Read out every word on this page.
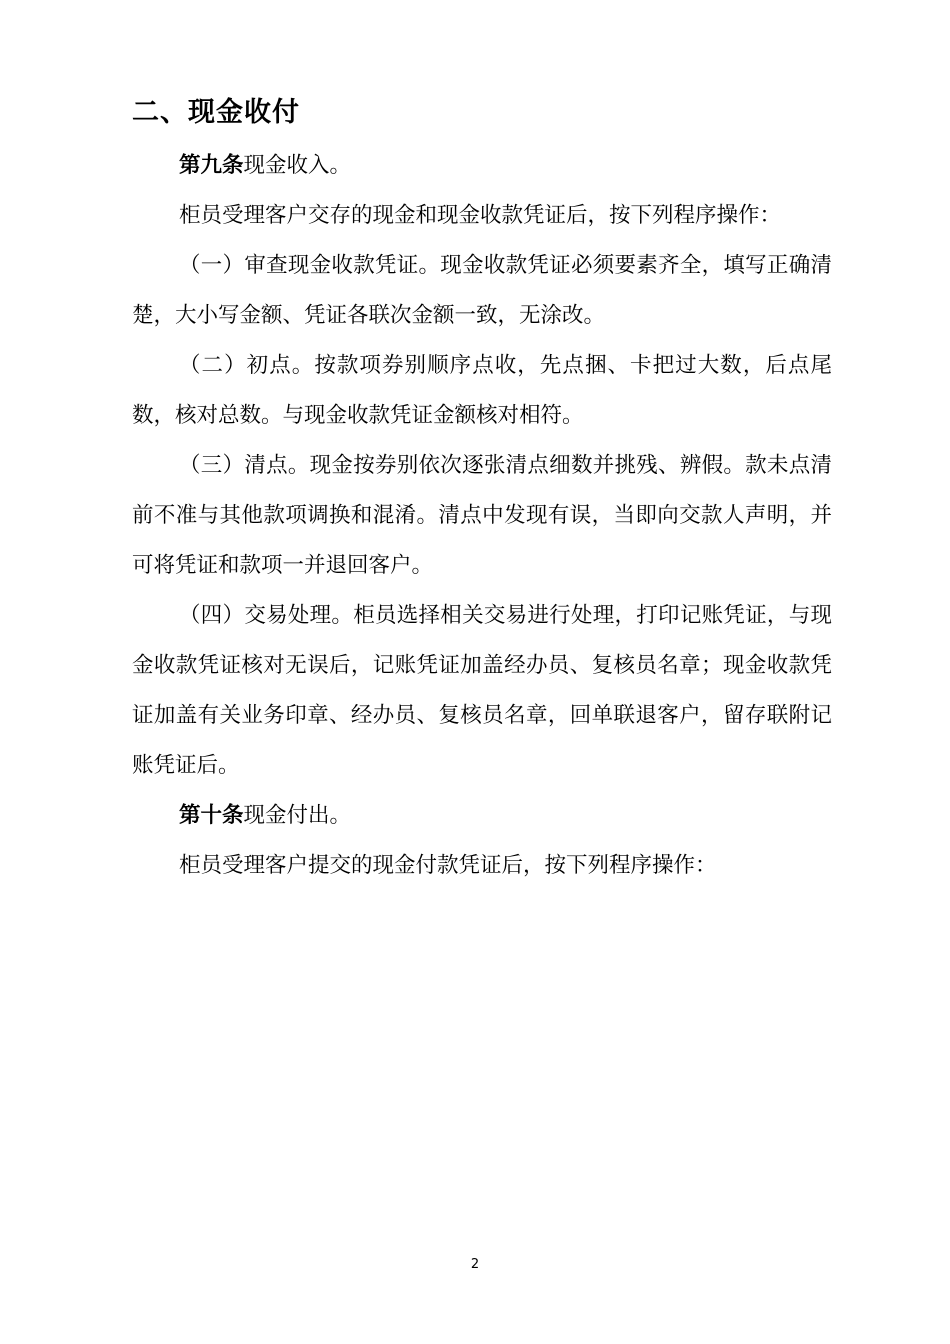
二、现金收付

第九条现金收入。

柜员受理客户交存的现金和现金收款凭证后，按下列程序操作：

（一）审查现金收款凭证。现金收款凭证必须要素齐全，填写正确清楚，大小写金额、凭证各联次金额一致，无涂改。

（二）初点。按款项券别顺序点收，先点捆、卡把过大数，后点尾数，核对总数。与现金收款凭证金额核对相符。

（三）清点。现金按券别依次逐张清点细数并挑残、辨假。款未点清前不准与其他款项调换和混淆。清点中发现有误，当即向交款人声明，并可将凭证和款项一并退回客户。

（四）交易处理。柜员选择相关交易进行处理，打印记账凭证，与现金收款凭证核对无误后，记账凭证加盖经办员、复核员名章；现金收款凭证加盖有关业务印章、经办员、复核员名章，回单联退客户，留存联附记账凭证后。

第十条现金付出。

柜员受理客户提交的现金付款凭证后，按下列程序操作：

2
